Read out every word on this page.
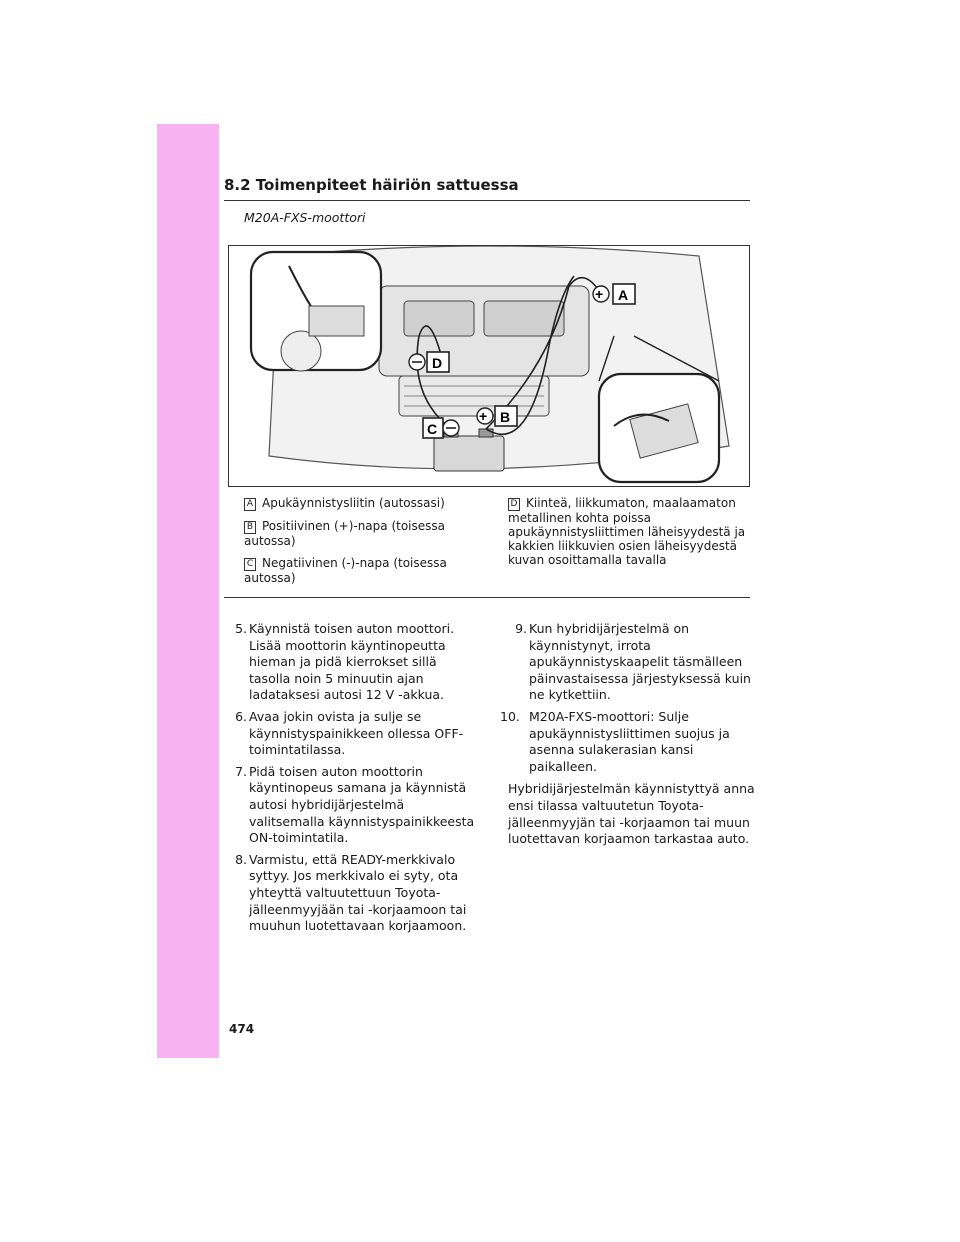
8.2 Toimenpiteet häiriön sattuessa
M20A-FXS-moottori
+ A
D
+ B
C
A Apukäynnistysliitin (autossasi)
B Positiivinen (+)-napa (toisessa autossa)
C Negatiivinen (-)-napa (toisessa autossa)
D Kiinteä, liikkumaton, maalaamaton metallinen kohta poissa apukäynnistysliittimen läheisyydestä ja kakkien liikkuvien osien läheisyydestä kuvan osoittamalla tavalla
5. Käynnistä toisen auton moottori. Lisää moottorin käyntinopeutta hieman ja pidä kierrokset sillä tasolla noin 5 minuutin ajan ladataksesi autosi 12 V -akkua.
6. Avaa jokin ovista ja sulje se käynnistyspainikkeen ollessa OFF-toimintatilassa.
7. Pidä toisen auton moottorin käyntinopeus samana ja käynnistä autosi hybridijärjestelmä valitsemalla käynnistyspainikkeesta ON-toimintatila.
8. Varmistu, että READY-merkkivalo syttyy. Jos merkkivalo ei syty, ota yhteyttä valtuutettuun Toyota-jälleenmyyjään tai -korjaamoon tai muuhun luotettavaan korjaamoon.
9. Kun hybridijärjestelmä on käynnistynyt, irrota apukäynnistyskaapelit täsmälleen päinvastaisessa järjestyksessä kuin ne kytkettiin.
10. M20A-FXS-moottori: Sulje apukäynnistysliittimen suojus ja asenna sulakerasian kansi paikalleen.
Hybridijärjestelmän käynnistyttyä anna ensi tilassa valtuutetun Toyota-jälleenmyyjän tai -korjaamon tai muun luotettavan korjaamon tarkastaa auto.
474
